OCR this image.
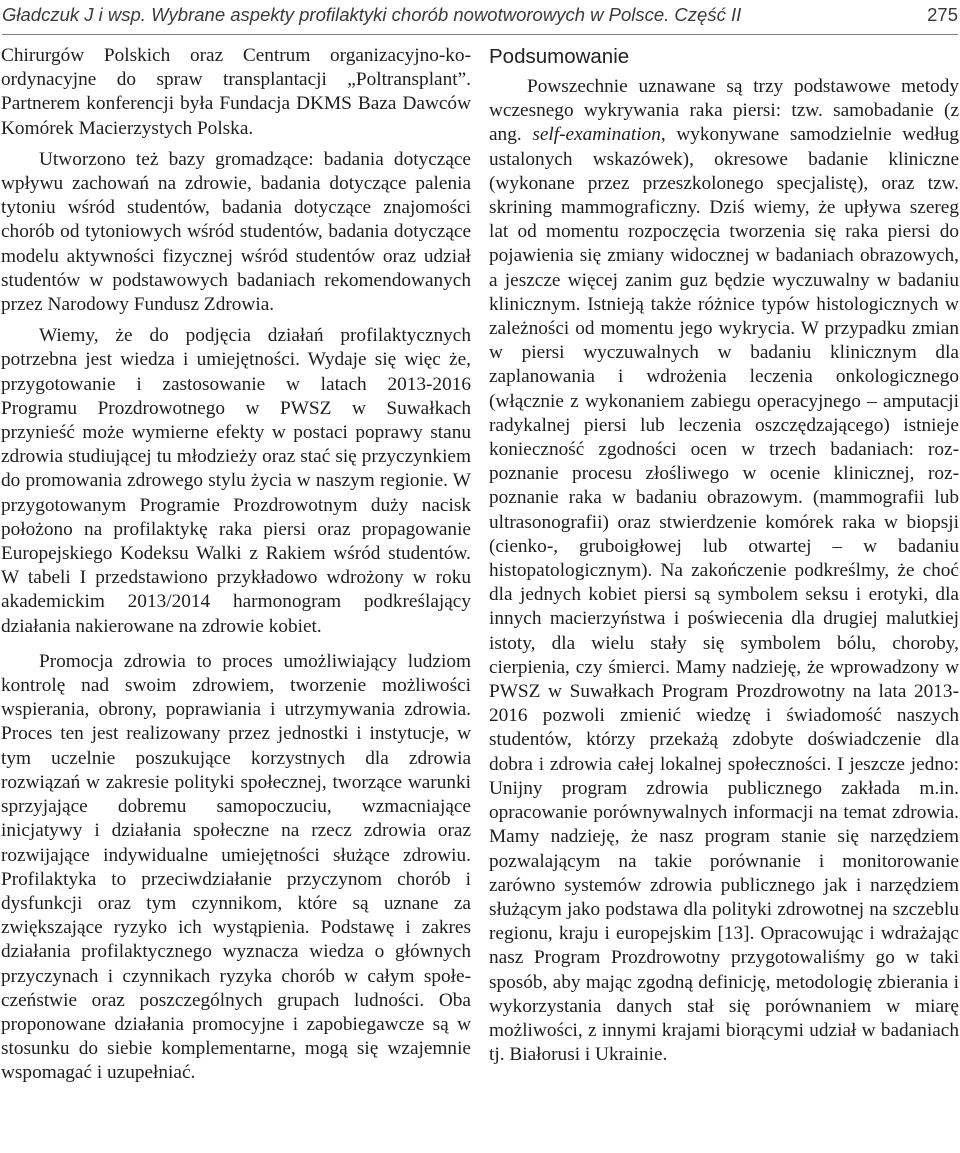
Gładczuk J i wsp. Wybrane aspekty profilaktyki chorób nowotworowych w Polsce. Część II	275

Chirurgów Polskich oraz Centrum organizacyjno-koordynacyjne do spraw transplantacji „Poltransplant”. Partnerem konferencji była Fundacja DKMS Baza Dawców Komórek Macierzystych Polska.

Utworzono też bazy gromadzące: badania dotyczące wpływu zachowań na zdrowie, badania dotyczące palenia tytoniu wśród studentów, badania dotyczące znajomości chorób od tytoniowych wśród studentów, badania dotyczące modelu aktywności fizycznej wśród studentów oraz udział studentów w podstawowych badaniach rekomendowanych przez Narodowy Fundusz Zdrowia.

Wiemy, że do podjęcia działań profilaktycznych potrzebna jest wiedza i umiejętności. Wydaje się więc że, przygotowanie i zastosowanie w latach 2013-2016 Programu Prozdrowotnego w PWSZ w Suwałkach przynieść może wymierne efekty w postaci poprawy stanu zdrowia studiującej tu młodzieży oraz stać się przyczynkiem do promowania zdrowego stylu życia w naszym regionie. W przygotowanym Programie Prozdrowotnym duży nacisk położono na profilaktykę raka piersi oraz propagowanie Europejskiego Kodeksu Walki z Rakiem wśród studentów. W tabeli I przedstawiono przykładowo wdrożony w roku akademickim 2013/2014 harmonogram podkreślający działania nakierowane na zdrowie kobiet.

Promocja zdrowia to proces umożliwiający ludziom kontrolę nad swoim zdrowiem, tworzenie możliwości wspierania, obrony, poprawiania i utrzymywania zdrowia. Proces ten jest realizowany przez jednostki i instytucje, w tym uczelnie poszukujące korzystnych dla zdrowia rozwiązań w zakresie polityki społecznej, tworzące warunki sprzyjające dobremu samopoczuciu, wzmacniające inicjatywy i działania społeczne na rzecz zdrowia oraz rozwijające indywidualne umiejętności służące zdrowiu. Profilaktyka to przeciwdziałanie przyczynom chorób i dysfunkcji oraz tym czynnikom, które są uznane za zwiększające ryzyko ich wystąpienia. Podstawę i zakres działania profilaktycznego wyznacza wiedza o głównych przyczynach i czynnikach ryzyka chorób w całym społeczeństwie oraz poszczególnych grupach ludności. Oba proponowane działania promocyjne i zapobiegawcze są w stosunku do siebie komplementarne, mogą się wzajemnie wspomagać i uzupełniać.

Podsumowanie

Powszechnie uznawane są trzy podstawowe metody wczesnego wykrywania raka piersi: tzw. samobadanie (z ang. self-examination, wykonywane samodzielnie według ustalonych wskazówek), okresowe badanie kliniczne (wykonane przez przeszkolonego specjalistę), oraz tzw. skrining mammograficzny. Dziś wiemy, że upływa szereg lat od momentu rozpoczęcia tworzenia się raka piersi do pojawienia się zmiany widocznej w badaniach obrazowych, a jeszcze więcej zanim guz będzie wyczuwalny w badaniu klinicznym. Istnieją także różnice typów histologicznych w zależności od momentu jego wykrycia. W przypadku zmian w piersi wyczuwalnych w badaniu klinicznym dla zaplanowania i wdrożenia leczenia onkologicznego (włącznie z wykonaniem zabiegu operacyjnego – amputacji radykalnej piersi lub leczenia oszczędzającego) istnieje konieczność zgodności ocen w trzech badaniach: rozpoznanie procesu złośliwego w ocenie klinicznej, rozpoznanie raka w badaniu obrazowym. (mammografii lub ultrasonografii) oraz stwierdzenie komórek raka w biopsji (cienko-, gruboigłowej lub otwartej – w badaniu histopatologicznym). Na zakończenie podkreślmy, że choć dla jednych kobiet piersi są symbolem seksu i erotyki, dla innych macierzyństwa i poświecenia dla drugiej malutkiej istoty, dla wielu stały się symbolem bólu, choroby, cierpienia, czy śmierci. Mamy nadzieję, że wprowadzony w PWSZ w Suwałkach Program Prozdrowotny na lata 2013-2016 pozwoli zmienić wiedzę i świadomość naszych studentów, którzy przekażą zdobyte doświadczenie dla dobra i zdrowia całej lokalnej społeczności. I jeszcze jedno: Unijny program zdrowia publicznego zakłada m.in. opracowanie porównywalnych informacji na temat zdrowia. Mamy nadzieję, że nasz program stanie się narzędziem pozwalającym na takie porównanie i monitorowanie zarówno systemów zdrowia publicznego jak i narzędziem służącym jako podstawa dla polityki zdrowotnej na szczeblu regionu, kraju i europejskim [13]. Opracowując i wdrażając nasz Program Prozdrowotny przygotowaliśmy go w taki sposób, aby mając zgodną definicję, metodologię zbierania i wykorzystania danych stał się porównaniem w miarę możliwości, z innymi krajami biorącymi udział w badaniach tj. Białorusi i Ukrainie.
